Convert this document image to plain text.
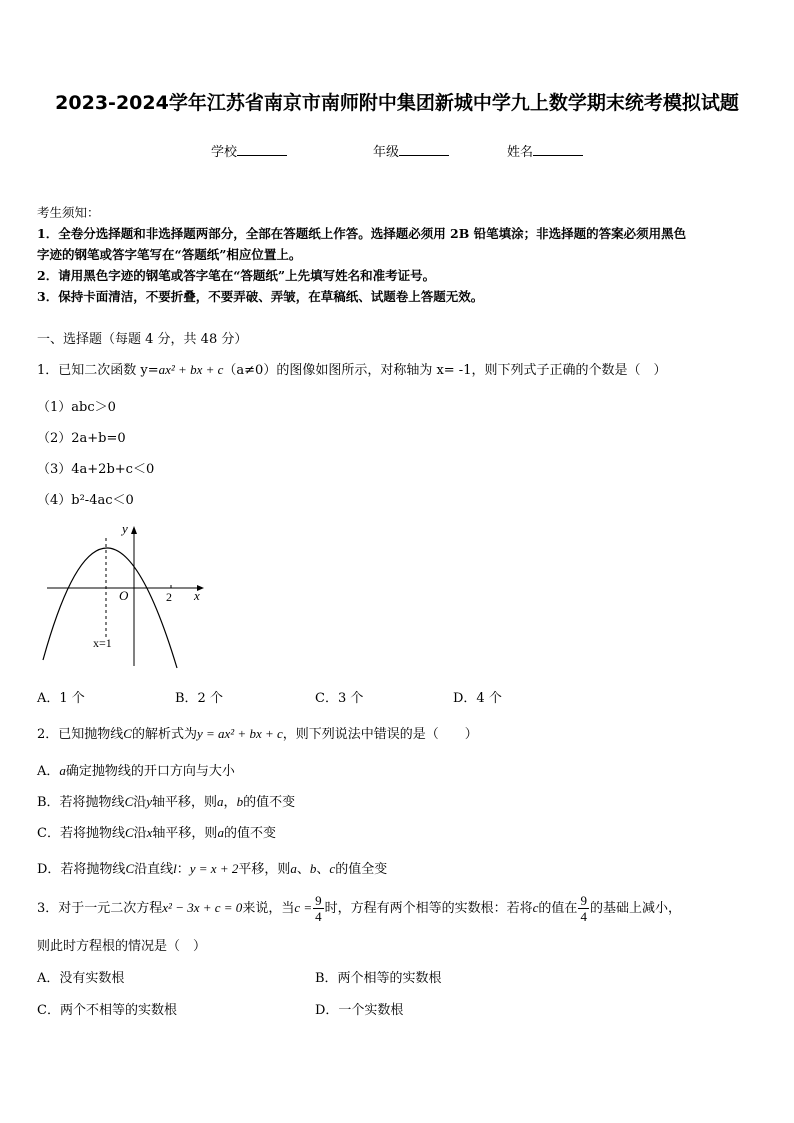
2023-2024学年江苏省南京市南师附中集团新城中学九上数学期末统考模拟试题
学校	年级	姓名
考生须知：
1．全卷分选择题和非选择题两部分，全部在答题纸上作答。选择题必须用 2B 铅笔填涂；非选择题的答案必须用黑色
字迹的钢笔或答字笔写在“答题纸”相应位置上。
2．请用黑色字迹的钢笔或答字笔在“答题纸”上先填写姓名和准考证号。
3．保持卡面清洁，不要折叠，不要弄破、弄皱，在草稿纸、试题卷上答题无效。
一、选择题（每题 4 分，共 48 分）
1．已知二次函数 y=ax² + bx + c（a≠0）的图像如图所示，对称轴为 x= -1，则下列式子正确的个数是（　）
（1）abc＞0
（2）2a+b=0
（3）4a+2b+c＜0
（4）b²-4ac＜0
y
x
O	2
x=1
A．1 个	B．2 个	C．3 个	D．4 个
2．已知抛物线C的解析式为y = ax² + bx + c，则下列说法中错误的是（　　）
A．a确定抛物线的开口方向与大小
B．若将抛物线C沿y轴平移，则a，b的值不变
C．若将抛物线C沿x轴平移，则a的值不变
D．若将抛物线C沿直线l：y = x + 2平移，则a、b、c的值全变
3．对于一元二次方程x² − 3x + c = 0来说，当$c = \frac{9}{4}$ 时，方程有两个相等的实数根：若将c的值在 $\frac{9}{4}$ 的基础上减小，
则此时方程根的情况是（　）
A．没有实数根	B．两个相等的实数根
C．两个不相等的实数根	D．一个实数根
